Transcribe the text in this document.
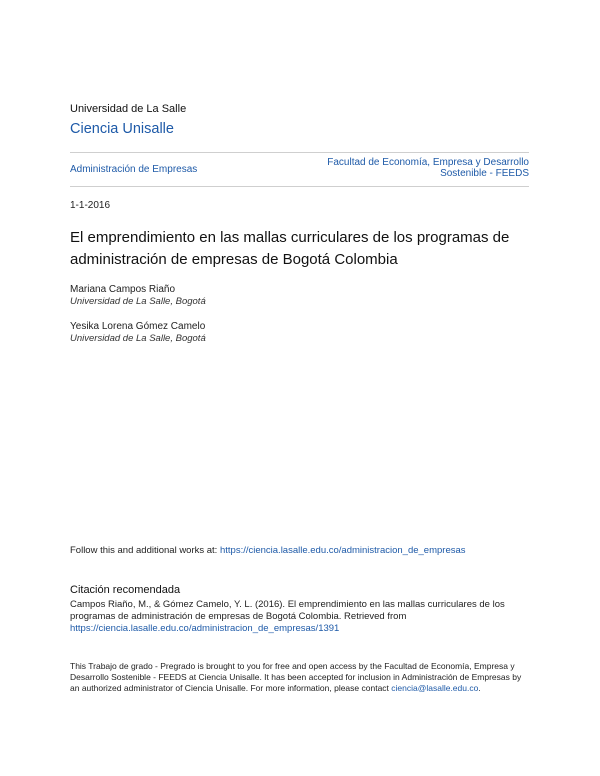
Universidad de La Salle
Ciencia Unisalle
Administración de Empresas
Facultad de Economía, Empresa y Desarrollo
Sostenible - FEEDS
1-1-2016
El emprendimiento en las mallas curriculares de los programas de administración de empresas de Bogotá Colombia
Mariana Campos Riaño
Universidad de La Salle, Bogotá
Yesika Lorena Gómez Camelo
Universidad de La Salle, Bogotá
Follow this and additional works at: https://ciencia.lasalle.edu.co/administracion_de_empresas
Citación recomendada
Campos Riaño, M., & Gómez Camelo, Y. L. (2016). El emprendimiento en las mallas curriculares de los programas de administración de empresas de Bogotá Colombia. Retrieved from
https://ciencia.lasalle.edu.co/administracion_de_empresas/1391
This Trabajo de grado - Pregrado is brought to you for free and open access by the Facultad de Economía, Empresa y Desarrollo Sostenible - FEEDS at Ciencia Unisalle. It has been accepted for inclusion in Administración de Empresas by an authorized administrator of Ciencia Unisalle. For more information, please contact ciencia@lasalle.edu.co.
